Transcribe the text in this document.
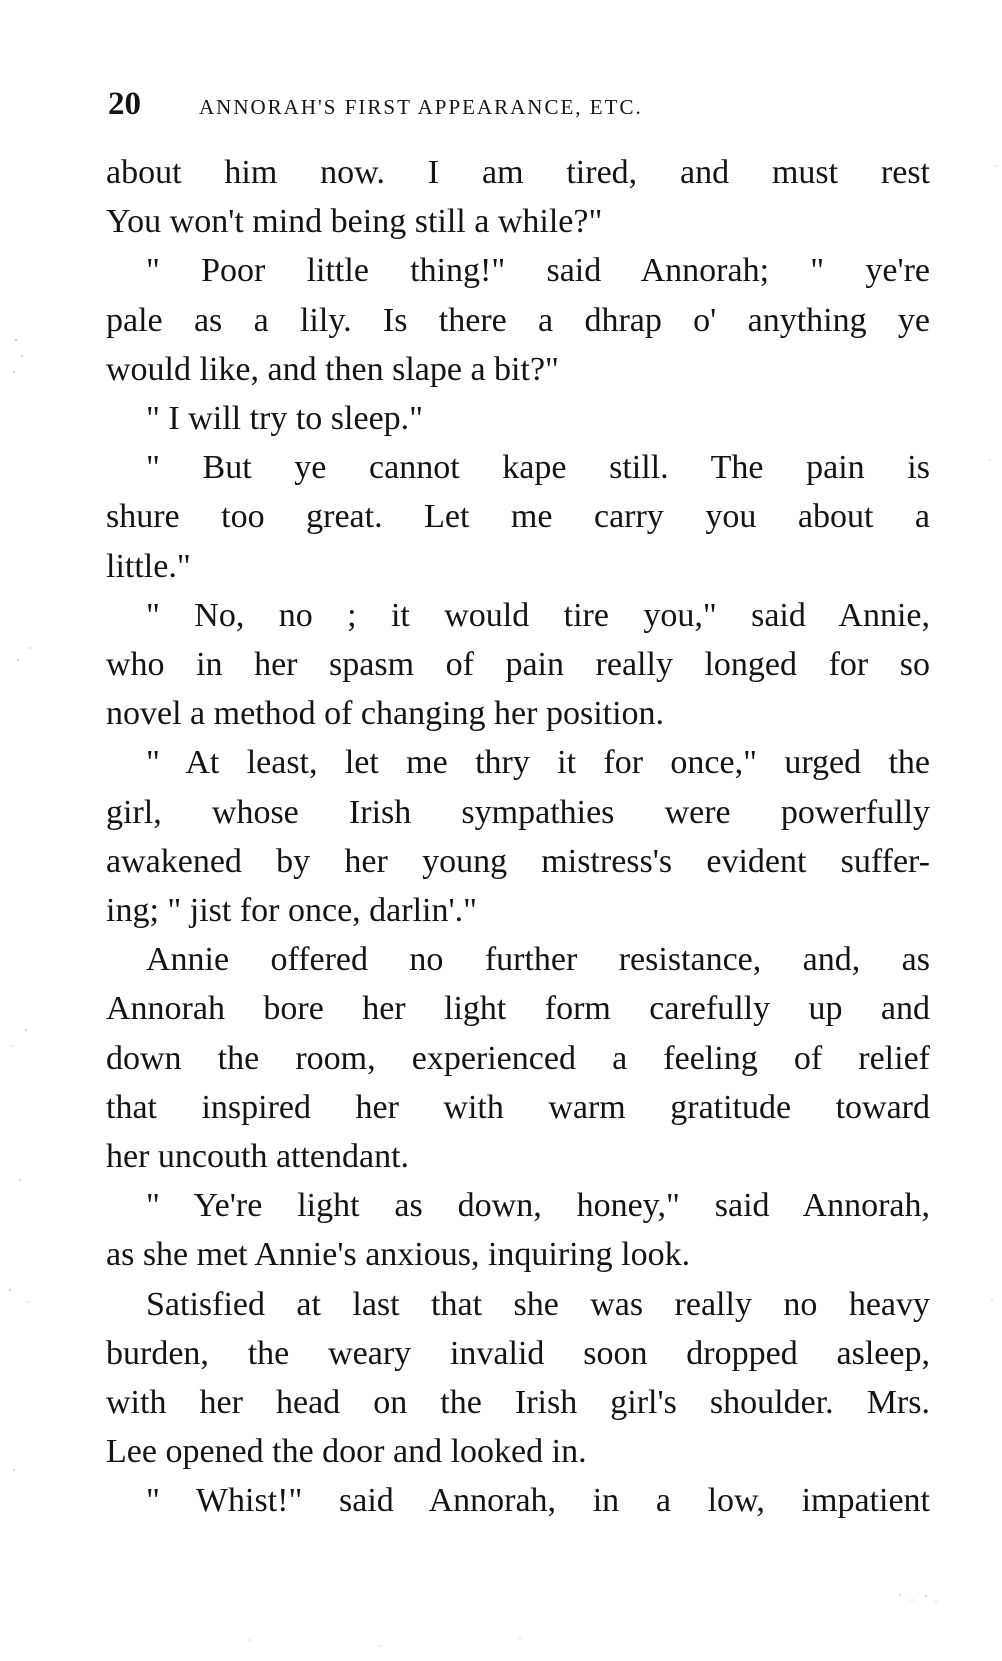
20	ANNORAH'S FIRST APPEARANCE, ETC.
about him now. I am tired, and must rest
You won't mind being still a while?"
" Poor little thing!" said Annorah; " ye're
pale as a lily. Is there a dhrap o' anything ye
would like, and then slape a bit?"
" I will try to sleep."
" But ye cannot kape still. The pain is
shure too great. Let me carry you about a
little."
" No, no ; it would tire you," said Annie,
who in her spasm of pain really longed for so
novel a method of changing her position.
" At least, let me thry it for once," urged the
girl, whose Irish sympathies were powerfully
awakened by her young mistress's evident suffer-
ing; " jist for once, darlin'."
Annie offered no further resistance, and, as
Annorah bore her light form carefully up and
down the room, experienced a feeling of relief
that inspired her with warm gratitude toward
her uncouth attendant.
" Ye're light as down, honey," said Annorah,
as she met Annie's anxious, inquiring look.
Satisfied at last that she was really no heavy
burden, the weary invalid soon dropped asleep,
with her head on the Irish girl's shoulder. Mrs.
Lee opened the door and looked in.
" Whist!" said Annorah, in a low, impatient
